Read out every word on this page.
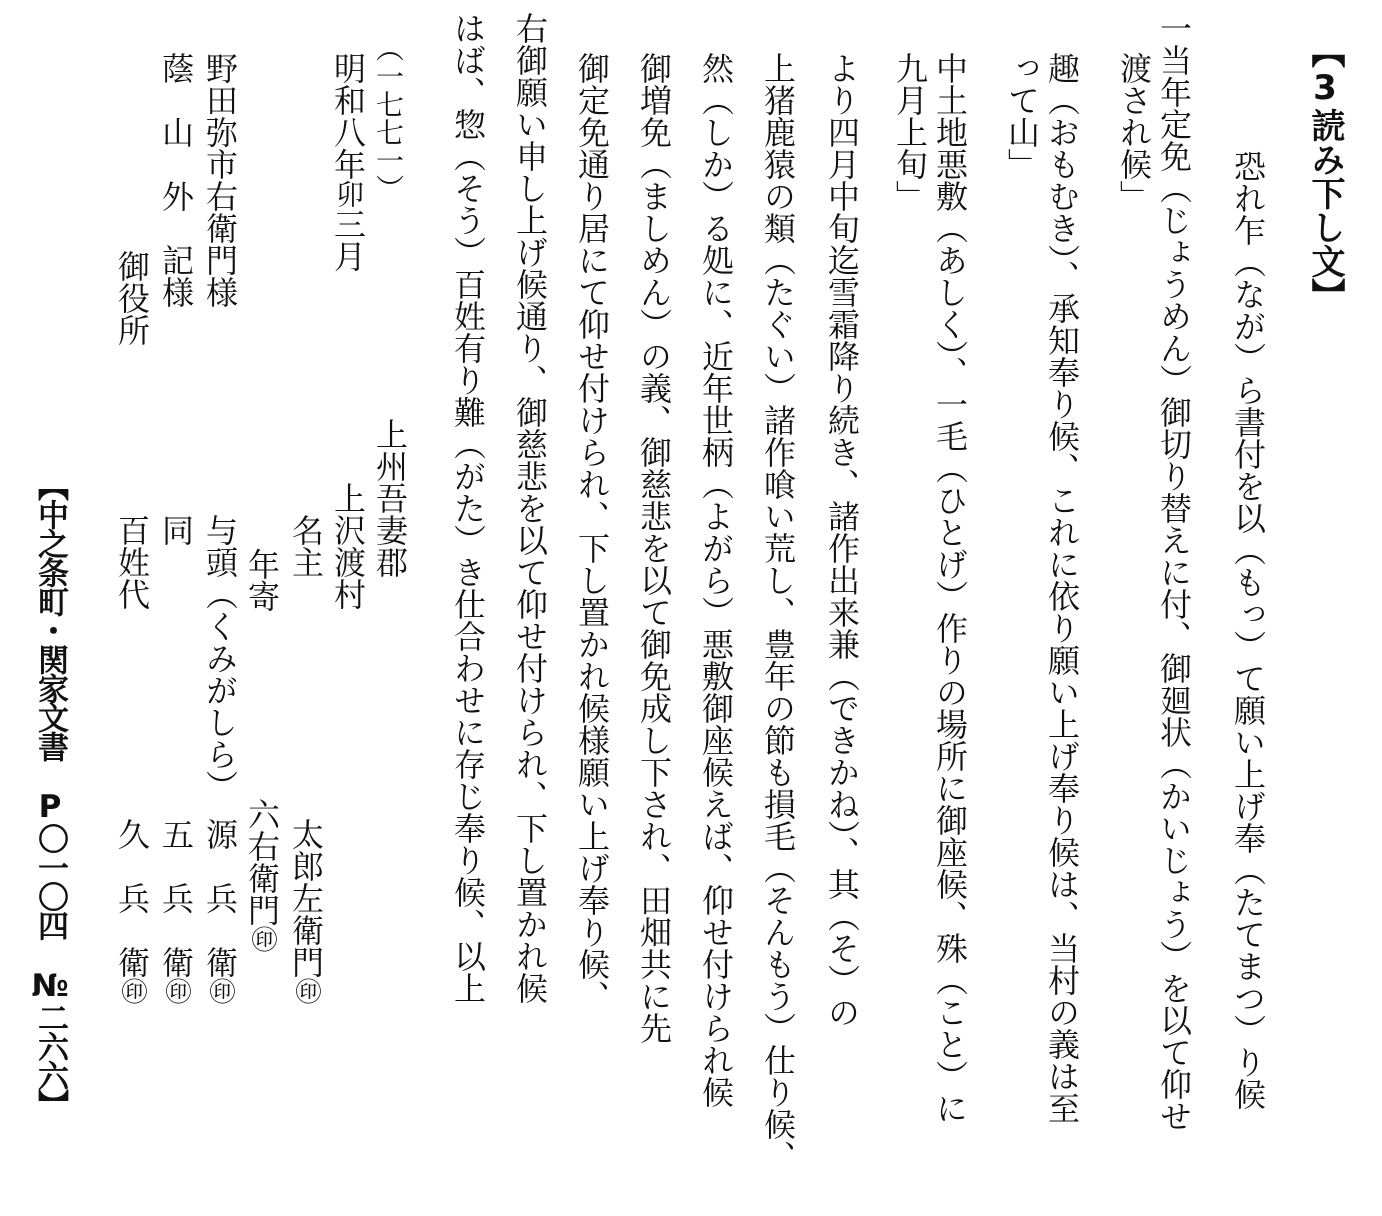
【3読み下し文】
恐れ乍（なが）ら書付を以（もっ）て願い上げ奉（たてまつ）り候
一当年定免（じょうめん）御切り替えに付、御廻状（かいじょう）を以て仰せ
渡され候」
趣（おもむき）、承知奉り候、これに依り願い上げ奉り候は、当村の義は至
って山」
中土地悪敷（あしく）、一毛（ひとげ）作りの場所に御座候、殊（こと）に
九月上旬」
より四月中旬迄雪霜降り続き、諸作出来兼（できかね）、其（そ）の
上猪鹿猿の類（たぐい）諸作喰い荒し、豊年の節も損毛（そんもう）仕り候、
然（しか）る処に、近年世柄（よがら）悪敷御座候えば、仰せ付けられ候
御増免（ましめん）の義、御慈悲を以て御免成し下され、田畑共に先
御定免通り居にて仰せ付けられ、下し置かれ候様願い上げ奉り候、
右御願い申し上げ候通り、御慈悲を以て仰せ付けられ、下し置かれ候
はば、惣（そう）百姓有り難（がた）き仕合わせに存じ奉り候、以上
（一七七一）
明和八年卯三月
上州吾妻郡
上沢渡村
名主
太郎左衛門㊞
年寄
六右衛門㊞
与頭（くみがしら）
源　兵　衛㊞
同
五　兵　衛㊞
百姓代
久　兵　衛㊞
野田弥市右衛門様
蔭　山　外　記様
御役所
【中之条町・関家文書　P〇一〇四　№二六六】
